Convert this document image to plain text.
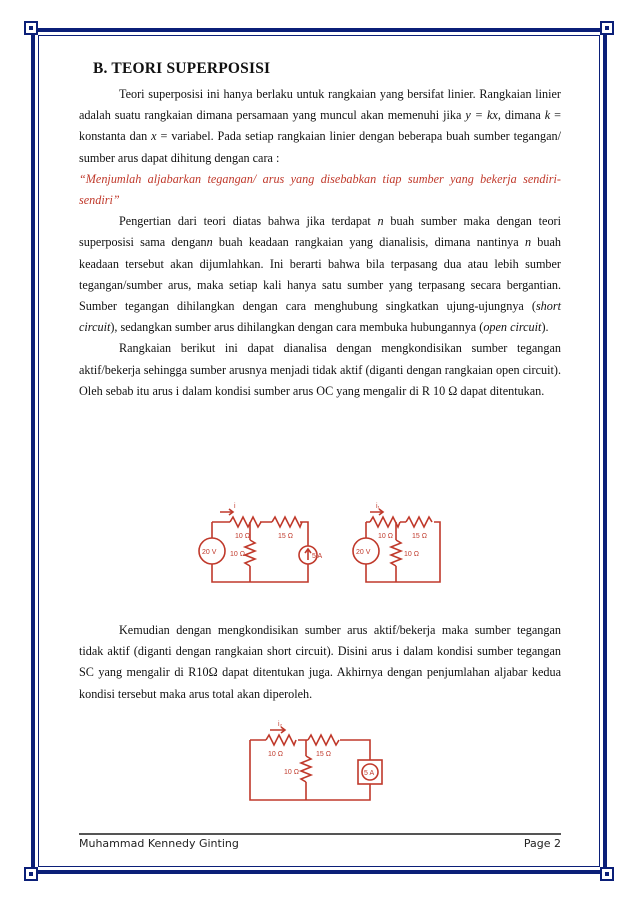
B. TEORI SUPERPOSISI

Teori superposisi ini hanya berlaku untuk rangkaian yang bersifat linier. Rangkaian linier adalah suatu rangkaian dimana persamaan yang muncul akan memenuhi jika y = kx, dimana k = konstanta dan x = variabel. Pada setiap rangkaian linier dengan beberapa buah sumber tegangan/ sumber arus dapat dihitung dengan cara :

“Menjumlah aljabarkan tegangan/ arus yang disebabkan tiap sumber yang bekerja sendiri-sendiri”

Pengertian dari teori diatas bahwa jika terdapat n buah sumber maka dengan teori superposisi sama dengann buah keadaan rangkaian yang dianalisis, dimana nantinya n buah keadaan tersebut akan dijumlahkan. Ini berarti bahwa bila terpasang dua atau lebih sumber tegangan/sumber arus, maka setiap kali hanya satu sumber yang terpasang secara bergantian. Sumber tegangan dihilangkan dengan cara menghubung singkatkan ujung-ujungnya (short circuit), sedangkan sumber arus dihilangkan dengan cara membuka hubungannya (open circuit).

Rangkaian berikut ini dapat dianalisa dengan mengkondisikan sumber tegangan aktif/bekerja sehingga sumber arusnya menjadi tidak aktif (diganti dengan rangkaian open circuit). Oleh sebab itu arus i dalam kondisi sumber arus OC yang mengalir di R 10 Ω dapat ditentukan.

i
10 Ω	15 Ω
10 Ω
20 V
5 A
i₁
10 Ω	15 Ω
10 Ω
20 V

Kemudian dengan mengkondisikan sumber arus aktif/bekerja maka sumber tegangan tidak aktif (diganti dengan rangkaian short circuit). Disini arus i dalam kondisi sumber tegangan SC yang mengalir di R10Ω dapat ditentukan juga. Akhirnya dengan penjumlahan aljabar kedua kondisi tersebut maka arus total akan diperoleh.

i₂
10 Ω	15 Ω
10 Ω	5 A
Muhammad Kennedy Ginting	Page 2
